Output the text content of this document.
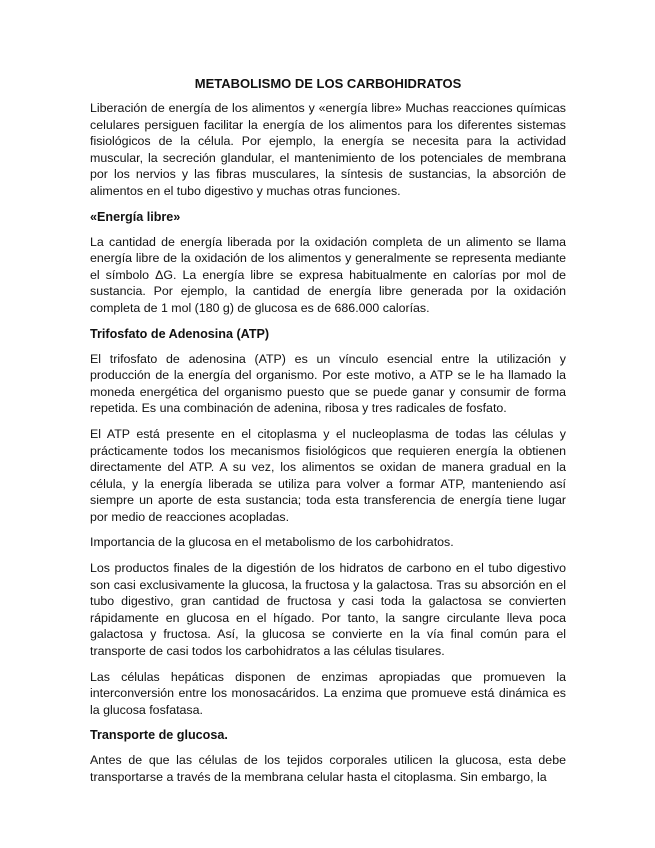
METABOLISMO DE LOS CARBOHIDRATOS

Liberación de energía de los alimentos y «energía libre» Muchas reacciones químicas celulares persiguen facilitar la energía de los alimentos para los diferentes sistemas fisiológicos de la célula. Por ejemplo, la energía se necesita para la actividad muscular, la secreción glandular, el mantenimiento de los potenciales de membrana por los nervios y las fibras musculares, la síntesis de sustancias, la absorción de alimentos en el tubo digestivo y muchas otras funciones.

«Energía libre»

La cantidad de energía liberada por la oxidación completa de un alimento se llama energía libre de la oxidación de los alimentos y generalmente se representa mediante el símbolo ΔG. La energía libre se expresa habitualmente en calorías por mol de sustancia. Por ejemplo, la cantidad de energía libre generada por la oxidación completa de 1 mol (180 g) de glucosa es de 686.000 calorías.

Trifosfato de Adenosina (ATP)

El trifosfato de adenosina (ATP) es un vínculo esencial entre la utilización y producción de la energía del organismo. Por este motivo, a ATP se le ha llamado la moneda energética del organismo puesto que se puede ganar y consumir de forma repetida. Es una combinación de adenina, ribosa y tres radicales de fosfato.

El ATP está presente en el citoplasma y el nucleoplasma de todas las células y prácticamente todos los mecanismos fisiológicos que requieren energía la obtienen directamente del ATP. A su vez, los alimentos se oxidan de manera gradual en la célula, y la energía liberada se utiliza para volver a formar ATP, manteniendo así siempre un aporte de esta sustancia; toda esta transferencia de energía tiene lugar por medio de reacciones acopladas.

Importancia de la glucosa en el metabolismo de los carbohidratos.

Los productos finales de la digestión de los hidratos de carbono en el tubo digestivo son casi exclusivamente la glucosa, la fructosa y la galactosa. Tras su absorción en el tubo digestivo, gran cantidad de fructosa y casi toda la galactosa se convierten rápidamente en glucosa en el hígado. Por tanto, la sangre circulante lleva poca galactosa y fructosa. Así, la glucosa se convierte en la vía final común para el transporte de casi todos los carbohidratos a las células tisulares.

Las células hepáticas disponen de enzimas apropiadas que promueven la interconversión entre los monosacáridos. La enzima que promueve está dinámica es la glucosa fosfatasa.

Transporte de glucosa.

Antes de que las células de los tejidos corporales utilicen la glucosa, esta debe transportarse a través de la membrana celular hasta el citoplasma. Sin embargo, la
